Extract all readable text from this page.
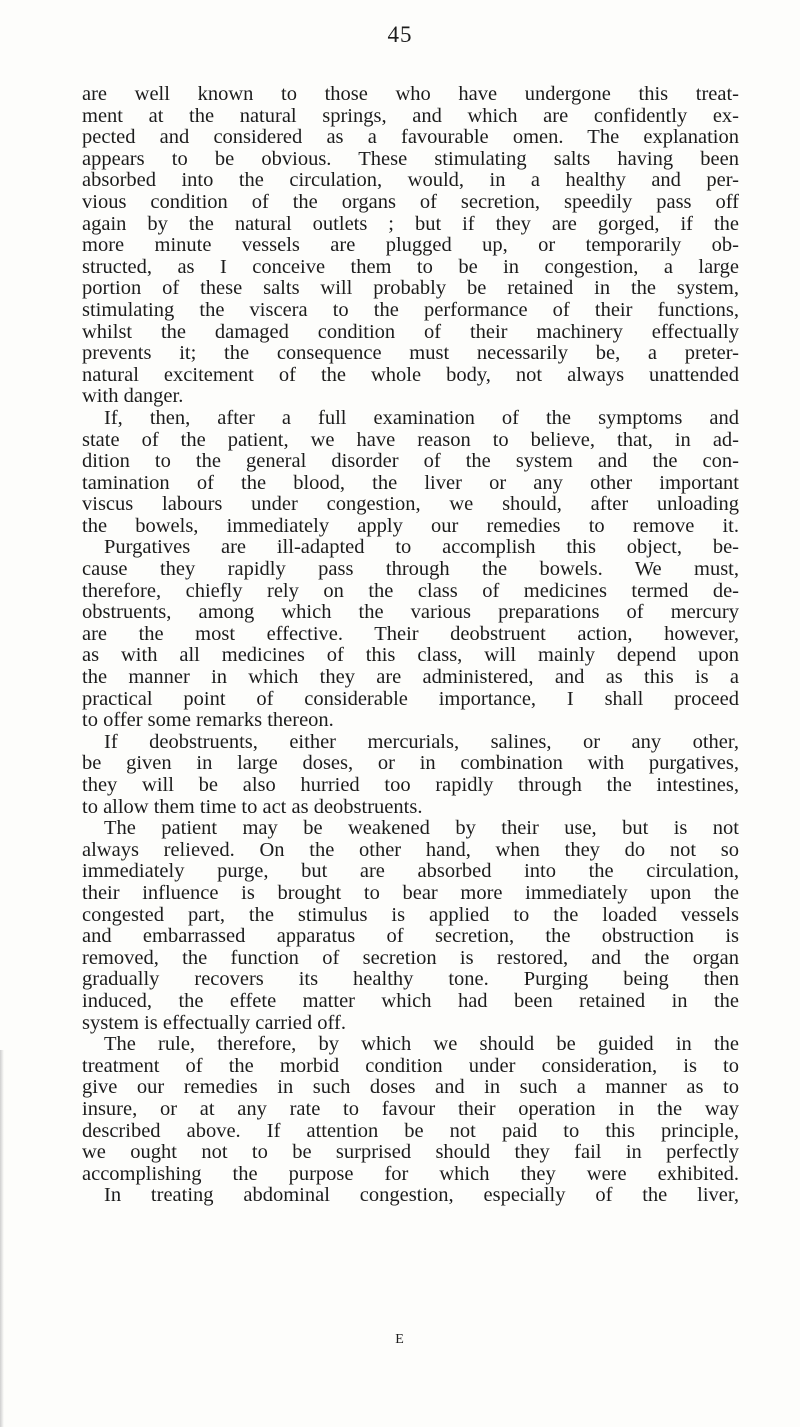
45
are well known to those who have undergone this treat-
ment at the natural springs, and which are confidently ex-
pected and considered as a favourable omen. The explanation
appears to be obvious. These stimulating salts having been
absorbed into the circulation, would, in a healthy and per-
vious condition of the organs of secretion, speedily pass off
again by the natural outlets ; but if they are gorged, if the
more minute vessels are plugged up, or temporarily ob-
structed, as I conceive them to be in congestion, a large
portion of these salts will probably be retained in the system,
stimulating the viscera to the performance of their functions,
whilst the damaged condition of their machinery effectually
prevents it; the consequence must necessarily be, a preter-
natural excitement of the whole body, not always unattended
with danger.
If, then, after a full examination of the symptoms and
state of the patient, we have reason to believe, that, in ad-
dition to the general disorder of the system and the con-
tamination of the blood, the liver or any other important
viscus labours under congestion, we should, after unloading
the bowels, immediately apply our remedies to remove it.
Purgatives are ill-adapted to accomplish this object, be-
cause they rapidly pass through the bowels. We must,
therefore, chiefly rely on the class of medicines termed de-
obstruents, among which the various preparations of mercury
are the most effective. Their deobstruent action, however,
as with all medicines of this class, will mainly depend upon
the manner in which they are administered, and as this is a
practical point of considerable importance, I shall proceed
to offer some remarks thereon.
If deobstruents, either mercurials, salines, or any other,
be given in large doses, or in combination with purgatives,
they will be also hurried too rapidly through the intestines,
to allow them time to act as deobstruents.
The patient may be weakened by their use, but is not
always relieved. On the other hand, when they do not so
immediately purge, but are absorbed into the circulation,
their influence is brought to bear more immediately upon the
congested part, the stimulus is applied to the loaded vessels
and embarrassed apparatus of secretion, the obstruction is
removed, the function of secretion is restored, and the organ
gradually recovers its healthy tone. Purging being then
induced, the effete matter which had been retained in the
system is effectually carried off.
The rule, therefore, by which we should be guided in the
treatment of the morbid condition under consideration, is to
give our remedies in such doses and in such a manner as to
insure, or at any rate to favour their operation in the way
described above. If attention be not paid to this principle,
we ought not to be surprised should they fail in perfectly
accomplishing the purpose for which they were exhibited.
In treating abdominal congestion, especially of the liver,
E
